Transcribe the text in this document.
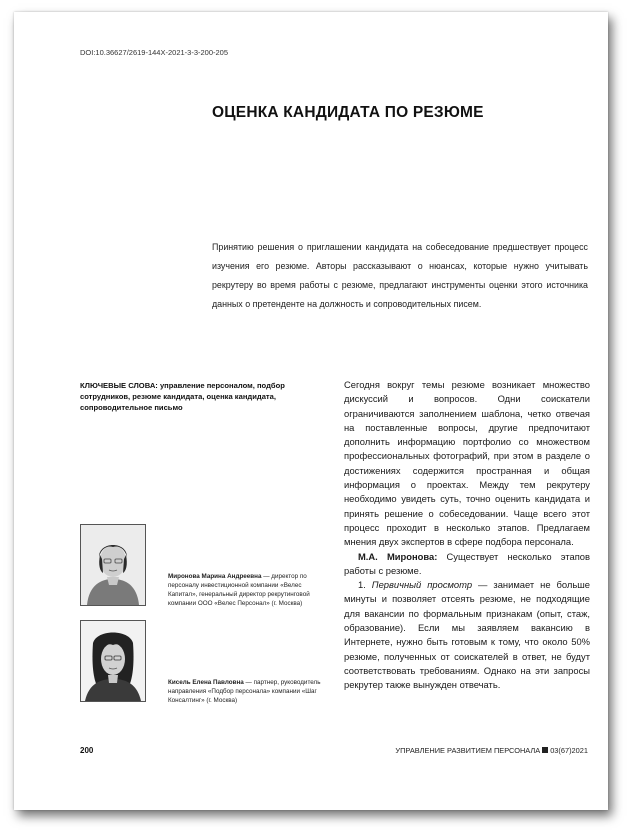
DOI:10.36627/2619-144X-2021-3-3-200-205
ОЦЕНКА КАНДИДАТА ПО РЕЗЮМЕ
Принятию решения о приглашении кандидата на собеседование предшествует процесс изучения его резюме. Авторы рассказывают о нюансах, которые нужно учитывать рекрутеру во время работы с резюме, предлагают инструменты оценки этого источника данных о претенденте на должность и сопроводительных писем.
КЛЮЧЕВЫЕ СЛОВА: управление персоналом, подбор сотрудников, резюме кандидата, оценка кандидата, сопроводительное письмо
Миронова Марина Андреевна — директор по персоналу инвестиционной компании «Велес Капитал», генеральный директор рекрутинговой компании ООО «Велес Персонал» (г. Москва)
Кисель Елена Павловна — партнер, руководитель направления «Подбор персонала» компании «Шаг Консалтинг» (г. Москва)

Сегодня вокруг темы резюме возникает множество дискуссий и вопросов. Одни соискатели ограничиваются заполнением шаблона, четко отвечая на поставленные вопросы, другие предпочитают дополнить информацию портфолио со множеством профессиональных фотографий, при этом в разделе о достижениях содержится пространная и общая информация о проектах. Между тем рекрутеру необходимо увидеть суть, точно оценить кандидата и принять решение о собеседовании. Чаще всего этот процесс проходит в несколько этапов. Предлагаем мнения двух экспертов в сфере подбора персонала.

М.А. Миронова: Существует несколько этапов работы с резюме.

1. Первичный просмотр — занимает не больше минуты и позволяет отсеять резюме, не подходящие для вакансии по формальным признакам (опыт, стаж, образование). Если мы заявляем вакансию в Интернете, нужно быть готовым к тому, что около 50% резюме, полученных от соискателей в ответ, не будут соответствовать требованиям. Однако на эти запросы рекрутер также вынужден отвечать.

200	УПРАВЛЕНИЕ РАЗВИТИЕМ ПЕРСОНАЛА 03(67)2021
